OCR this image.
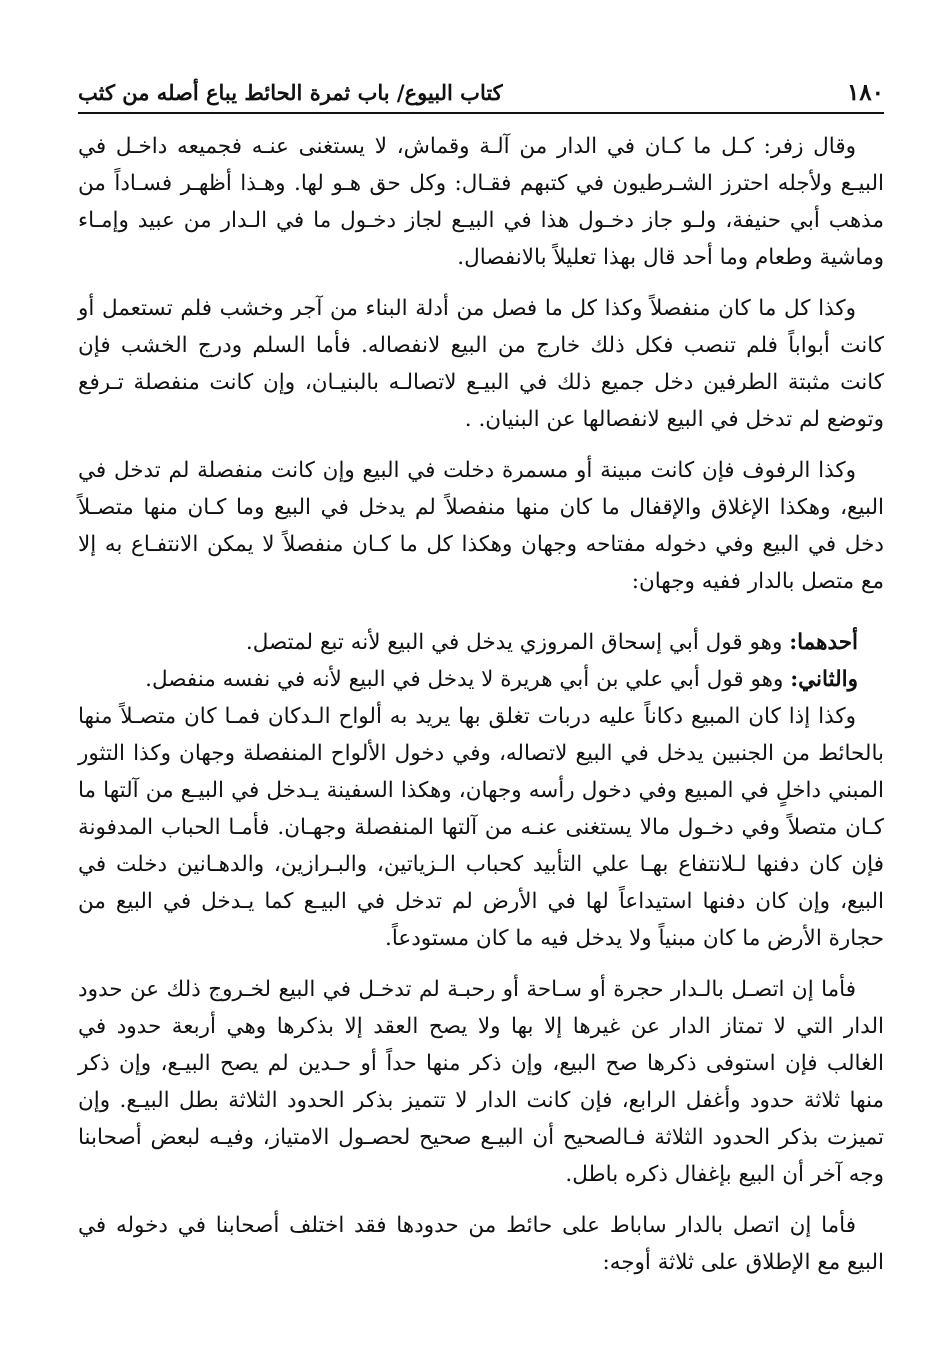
١٨٠
كتاب البيوع/ باب ثمرة الحائط يباع أصله من كثب

وقال زفر: كـل ما كـان في الدار من آلـة وقماش، لا يستغنى عنـه فجميعه داخـل في البيـع ولأجله احترز الشـرطيون في كتبهم فقـال: وكل حق هـو لها. وهـذا أظهـر فسـاداً من مذهب أبي حنيفة، ولـو جاز دخـول هذا في البيـع لجاز دخـول ما في الـدار من عبيد وإمـاء وماشية وطعام وما أحد قال بهذا تعليلاً بالانفصال.

وكذا كل ما كان منفصلاً وكذا كل ما فصل من أدلة البناء من آجر وخشب فلم تستعمل أو كانت أبواباً فلم تنصب فكل ذلك خارج من البيع لانفصاله. فأما السلم ودرج الخشب فإن كانت مثبتة الطرفين دخل جميع ذلك في البيـع لاتصالـه بالبنيـان، وإن كانت منفصلة تـرفع وتوضع لم تدخل في البيع لانفصالها عن البنيان. .

وكذا الرفوف فإن كانت مبينة أو مسمرة دخلت في البيع وإن كانت منفصلة لم تدخل في البيع، وهكذا الإغلاق والإقفال ما كان منها منفصلاً لم يدخل في البيع وما كـان منها متصـلاً دخل في البيع وفي دخوله مفتاحه وجهان وهكذا كل ما كـان منفصلاً لا يمكن الانتفـاع به إلا مع متصل بالدار ففيه وجهان:

أحدهما: وهو قول أبي إسحاق المروزي يدخل في البيع لأنه تبع لمتصل.

والثاني: وهو قول أبي علي بن أبي هريرة لا يدخل في البيع لأنه في نفسه منفصل.

وكذا إذا كان المبيع دكاناً عليه دربات تغلق بها يريد به ألواح الـدكان فمـا كان متصـلاً منها بالحائط من الجنبين يدخل في البيع لاتصاله، وفي دخول الألواح المنفصلة وجهان وكذا التثور المبني داخلٍ في المبيع وفي دخول رأسه وجهان، وهكذا السفينة يـدخل في البيـع من آلتها ما كـان متصلاً وفي دخـول مالا يستغنى عنـه من آلتها المنفصلة وجهـان. فأمـا الحباب المدفونة فإن كان دفنها لـلانتفاع بهـا علي التأبيد كحباب الـزياتين، والبـرازين، والدهـانين دخلت في البيع، وإن كان دفنها استيداعاً لها في الأرض لم تدخل في البيـع كما يـدخل في البيع من حجارة الأرض ما كان مبنياً ولا يدخل فيه ما كان مستودعاً.

فأما إن اتصـل بالـدار حجرة أو سـاحة أو رحبـة لم تدخـل في البيع لخـروج ذلك عن حدود الدار التي لا تمتاز الدار عن غيرها إلا بها ولا يصح العقد إلا بذكرها وهي أربعة حدود في الغالب فإن استوفى ذكرها صح البيع، وإن ذكر منها حداً أو حـدين لم يصح البيـع، وإن ذكر منها ثلاثة حدود وأغفل الرابع، فإن كانت الدار لا تتميز بذكر الحدود الثلاثة بطل البيـع. وإن تميزت بذكر الحدود الثلاثة فـالصحيح أن البيـع صحيح لحصـول الامتياز، وفيـه لبعض أصحابنا وجه آخر أن البيع بإغفال ذكره باطل.

فأما إن اتصل بالدار ساباط على حائط من حدودها فقد اختلف أصحابنا في دخوله في البيع مع الإطلاق على ثلاثة أوجه:
